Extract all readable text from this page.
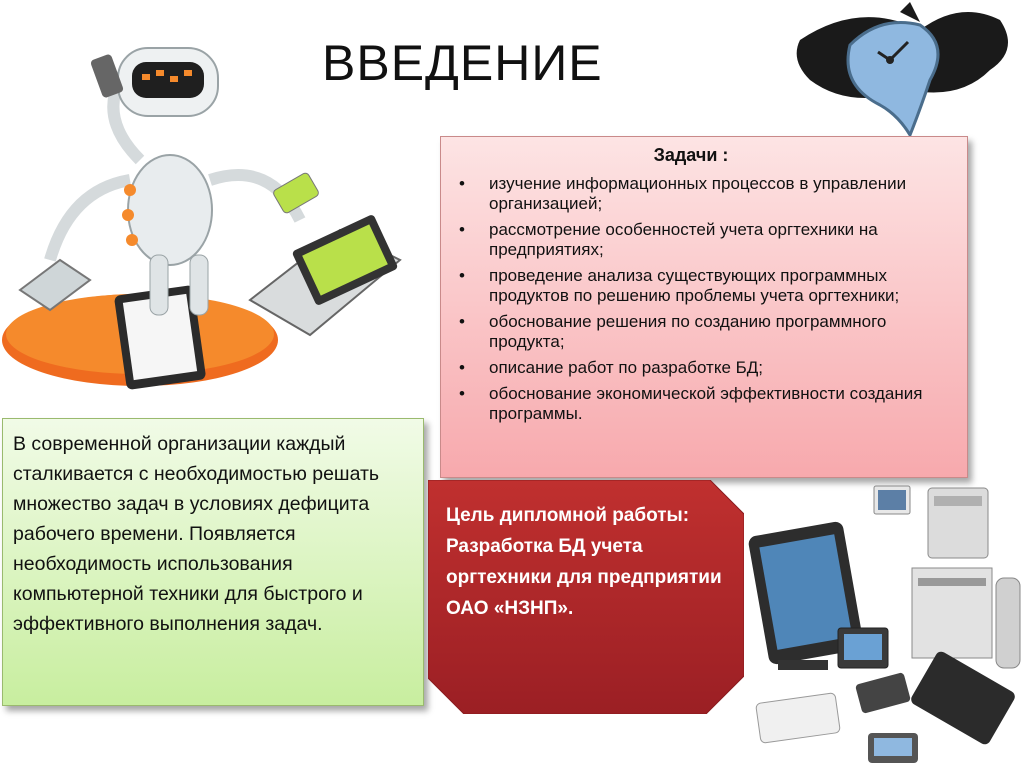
ВВЕДЕНИЕ
Задачи :
• изучение информационных процессов в управлении организацией;
• рассмотрение особенностей учета оргтехники на предприятиях;
• проведение анализа существующих программных продуктов по решению проблемы учета оргтехники;
• обоснование решения по созданию программного продукта;
• описание работ по разработке БД;
• обоснование экономической эффективности создания программы.
В современной организации каждый сталкивается с необходимостью решать множество задач в условиях дефицита рабочего времени. Появляется необходимость использования компьютерной техники для быстрого и эффективного выполнения задач.
Цель дипломной работы: Разработка БД учета оргтехники для предприятии ОАО «НЗНП».
